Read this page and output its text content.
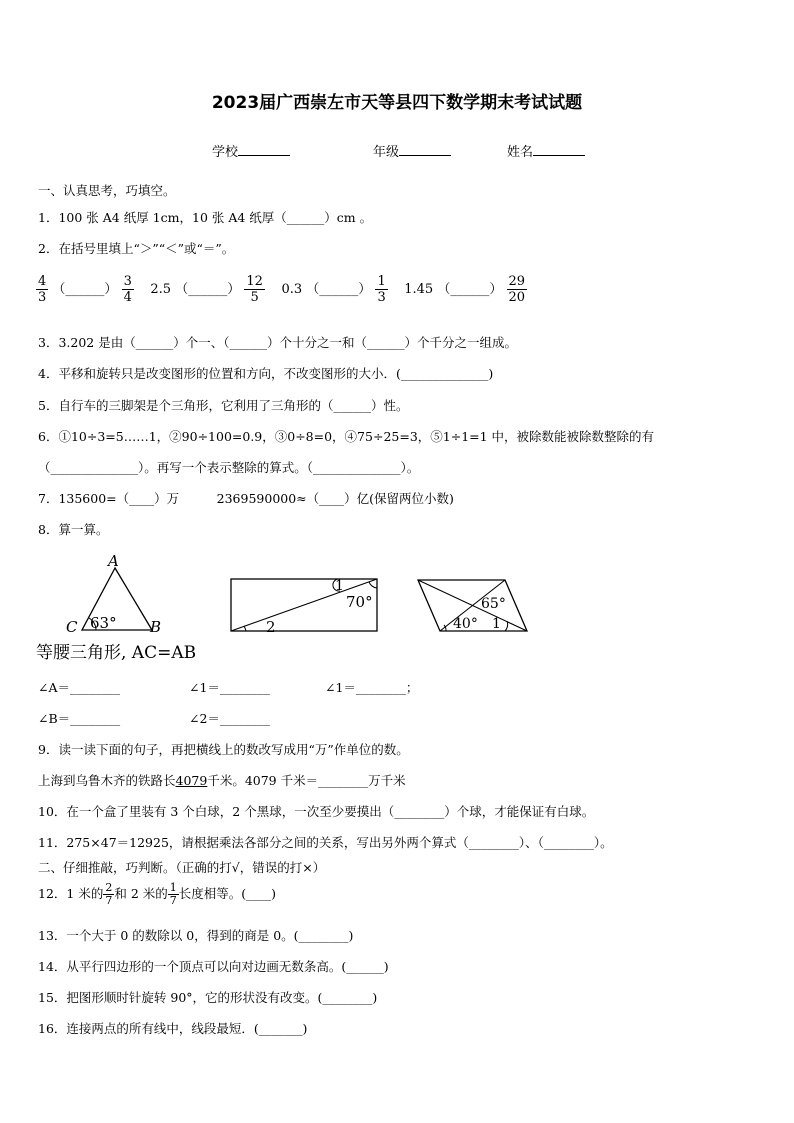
2023届广西崇左市天等县四下数学期末考试试题
学校	年级	姓名
一、认真思考，巧填空。
1．100 张 A4 纸厚 1cm，10 张 A4 纸厚（______）cm 。
2．在括号里填上“＞”“＜”或“＝”。
$\frac{4}{3}$ （______） $\frac{3}{4} 2.5$ （______） $\frac{12}{5} 0.3$ （______） $\frac{1}{3} 1.45$ （______） $\frac{29}{20}$
3．3.202 是由（______）个一、（______）个十分之一和（______）个千分之一组成。
4．平移和旋转只是改变图形的位置和方向，不改变图形的大小．(______________)
5．自行车的三脚架是个三角形，它利用了三角形的（______）性。
6．①10÷3=5……1，②90÷100=0.9，③0÷8=0，④75÷25=3，⑤1÷1=1 中，被除数能被除数整除的有
（______________）。再写一个表示整除的算式。（______________）。
7．135600=（____）万　　　2369590000≈（____）亿(保留两位小数)
8．算一算。
A
C	B
63°
1
70°
2
65°
40° 1
等腰三角形, AC=AB
∠A＝________	∠1＝________	∠1＝________；
∠B＝________	∠2＝________
9．读一读下面的句子，再把横线上的数改写成用“万”作单位的数。
上海到乌鲁木齐的铁路长4079千米。4079 千米＝________万千米
10．在一个盒了里装有 3 个白球，2 个黑球，一次至少要摸出（________）个球，才能保证有白球。
11．275×47＝12925，请根据乘法各部分之间的关系，写出另外两个算式（________）、（________）。
二、仔细推敲，巧判断。（正确的打√，错误的打×）
12．1 米的 $\frac{2}{7}$ 和 2 米的 $\frac{1}{7}$ 长度相等。(____)
13．一个大于 0 的数除以 0，得到的商是 0。(________)
14．从平行四边形的一个顶点可以向对边画无数条高。(______)
15．把图形顺时针旋转 90°，它的形状没有改变。(________)
16．连接两点的所有线中，线段最短．(_______)
